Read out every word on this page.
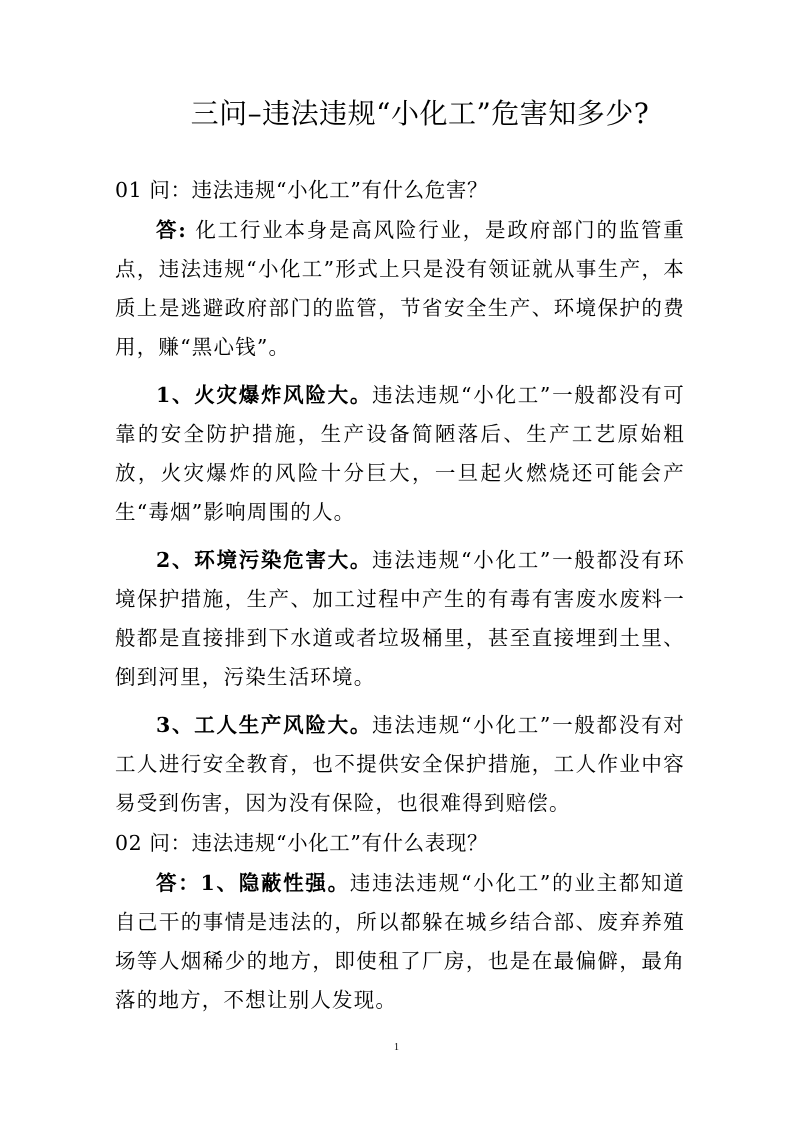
三问–违法违规“小化工”危害知多少?

01 问：违法违规“小化工”有什么危害？

答: 化工行业本身是高风险行业，是政府部门的监管重点，违法违规“小化工”形式上只是没有领证就从事生产，本质上是逃避政府部门的监管，节省安全生产、环境保护的费用，赚“黑心钱”。

1、火灾爆炸风险大。违法违规“小化工”一般都没有可靠的安全防护措施，生产设备简陋落后、生产工艺原始粗放，火灾爆炸的风险十分巨大，一旦起火燃烧还可能会产生“毒烟”影响周围的人。

2、环境污染危害大。违法违规“小化工”一般都没有环境保护措施，生产、加工过程中产生的有毒有害废水废料一般都是直接排到下水道或者垃圾桶里，甚至直接埋到土里、倒到河里，污染生活环境。

3、工人生产风险大。违法违规“小化工”一般都没有对工人进行安全教育，也不提供安全保护措施，工人作业中容易受到伤害，因为没有保险，也很难得到赔偿。

02 问：违法违规“小化工”有什么表现？

答：1、隐蔽性强。违违法违规“小化工”的业主都知道自己干的事情是违法的，所以都躲在城乡结合部、废弃养殖场等人烟稀少的地方，即使租了厂房，也是在最偏僻，最角落的地方，不想让别人发现。

1
